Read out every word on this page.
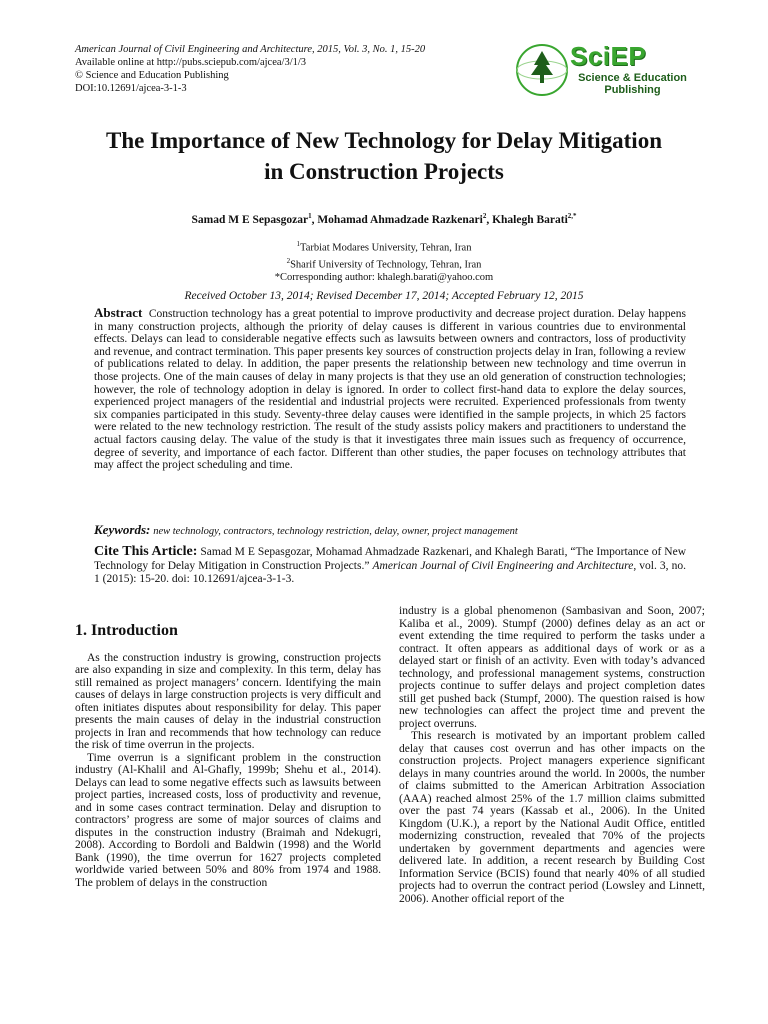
American Journal of Civil Engineering and Architecture, 2015, Vol. 3, No. 1, 15-20
Available online at http://pubs.sciepub.com/ajcea/3/1/3
© Science and Education Publishing
DOI:10.12691/ajcea-3-1-3
SciEP
Science & Education
Publishing
The Importance of New Technology for Delay Mitigation
in Construction Projects
Samad M E Sepasgozar$^1$, Mohamad Ahmadzade Razkenari$^2$, Khalegh Barati$^{2,*}$
$^1$Tarbiat Modares University, Tehran, Iran
$^2$Sharif University of Technology, Tehran, Iran
*Corresponding author: khalegh.barati@yahoo.com
Received October 13, 2014; Revised December 17, 2014; Accepted February 12, 2015
Abstract Construction technology has a great potential to improve productivity and decrease project duration. Delay happens in many construction projects, although the priority of delay causes is different in various countries due to environmental effects. Delays can lead to considerable negative effects such as lawsuits between owners and contractors, loss of productivity and revenue, and contract termination. This paper presents key sources of construction projects delay in Iran, following a review of publications related to delay. In addition, the paper presents the relationship between new technology and time overrun in those projects. One of the main causes of delay in many projects is that they use an old generation of construction technologies; however, the role of technology adoption in delay is ignored. In order to collect first-hand data to explore the delay sources, experienced project managers of the residential and industrial projects were recruited. Experienced professionals from twenty six companies participated in this study. Seventy-three delay causes were identified in the sample projects, in which 25 factors were related to the new technology restriction. The result of the study assists policy makers and practitioners to understand the actual factors causing delay. The value of the study is that it investigates three main issues such as frequency of occurrence, degree of severity, and importance of each factor. Different than other studies, the paper focuses on technology attributes that may affect the project scheduling and time.
Keywords: new technology, contractors, technology restriction, delay, owner, project management
Cite This Article: Samad M E Sepasgozar, Mohamad Ahmadzade Razkenari, and Khalegh Barati, “The Importance of New Technology for Delay Mitigation in Construction Projects.” American Journal of Civil Engineering and Architecture, vol. 3, no. 1 (2015): 15-20. doi: 10.12691/ajcea-3-1-3.
1. Introduction

As the construction industry is growing, construction projects are also expanding in size and complexity. In this term, delay has still remained as project managers’ concern. Identifying the main causes of delays in large construction projects is very difficult and often initiates disputes about responsibility for delay. This paper presents the main causes of delay in the industrial construction projects in Iran and recommends that how technology can reduce the risk of time overrun in the projects.

Time overrun is a significant problem in the construction industry (Al-Khalil and Al-Ghafly, 1999b; Shehu et al., 2014). Delays can lead to some negative effects such as lawsuits between project parties, increased costs, loss of productivity and revenue, and in some cases contract termination. Delay and disruption to contractors’ progress are some of major sources of claims and disputes in the construction industry (Braimah and Ndekugri, 2008). According to Bordoli and Baldwin (1998) and the World Bank (1990), the time overrun for 1627 projects completed worldwide varied between 50% and 80% from 1974 and 1988. The problem of delays in the construction

industry is a global phenomenon (Sambasivan and Soon, 2007; Kaliba et al., 2009). Stumpf (2000) defines delay as an act or event extending the time required to perform the tasks under a contract. It often appears as additional days of work or as a delayed start or finish of an activity. Even with today’s advanced technology, and professional management systems, construction projects continue to suffer delays and project completion dates still get pushed back (Stumpf, 2000). The question raised is how new technologies can affect the project time and prevent the project overruns.

This research is motivated by an important problem called delay that causes cost overrun and has other impacts on the construction projects. Project managers experience significant delays in many countries around the world. In 2000s, the number of claims submitted to the American Arbitration Association (AAA) reached almost 25% of the 1.7 million claims submitted over the past 74 years (Kassab et al., 2006). In the United Kingdom (U.K.), a report by the National Audit Office, entitled modernizing construction, revealed that 70% of the projects undertaken by government departments and agencies were delivered late. In addition, a recent research by Building Cost Information Service (BCIS) found that nearly 40% of all studied projects had to overrun the contract period (Lowsley and Linnett, 2006). Another official report of the
